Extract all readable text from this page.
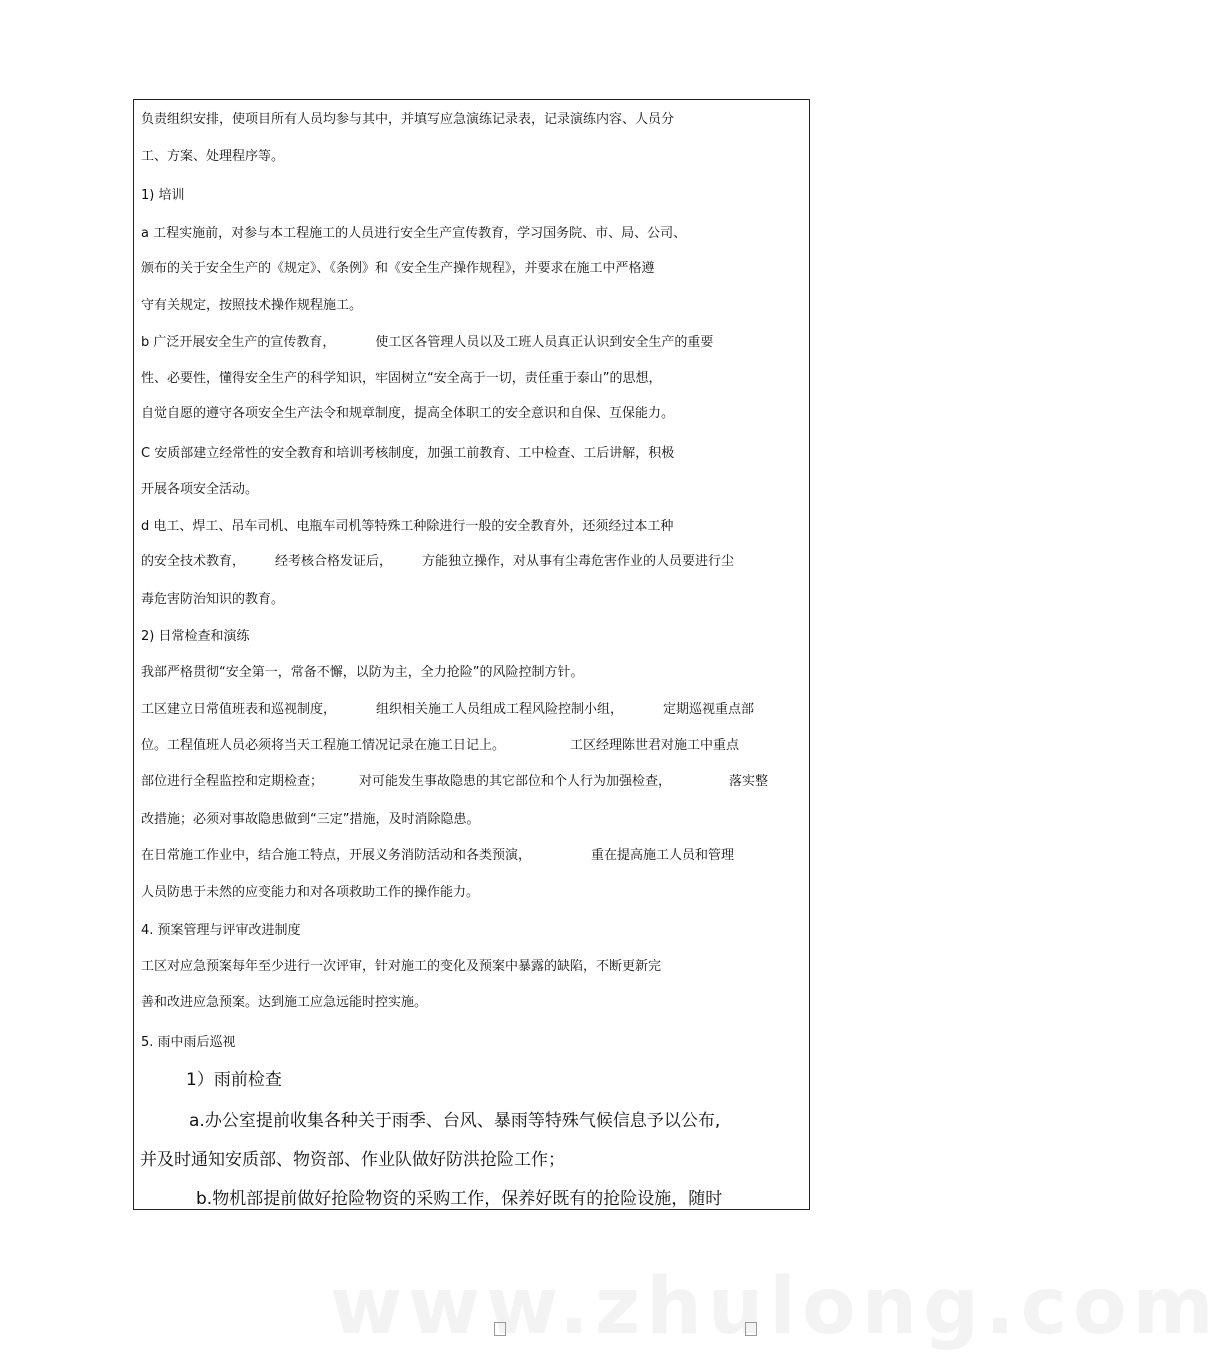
负责组织安排，使项目所有人员均参与其中，并填写应急演练记录表，记录演练内容、人员分
工、方案、处理程序等。
1) 培训
a 工程实施前，对参与本工程施工的人员进行安全生产宣传教育，学习国务院、市、局、公司、
颁布的关于安全生产的《规定》、《条例》和《安全生产操作规程》，并要求在施工中严格遵
守有关规定，按照技术操作规程施工。
b 广泛开展安全生产的宣传教育，	使工区各管理人员以及工班人员真正认识到安全生产的重要
性、必要性，懂得安全生产的科学知识，牢固树立“安全高于一切，责任重于泰山”的思想，
自觉自愿的遵守各项安全生产法令和规章制度，提高全体职工的安全意识和自保、互保能力。
C 安质部建立经常性的安全教育和培训考核制度，加强工前教育、工中检查、工后讲解，积极
开展各项安全活动。
d 电工、焊工、吊车司机、电瓶车司机等特殊工种除进行一般的安全教育外，还须经过本工种
的安全技术教育， 经考核合格发证后， 方能独立操作，对从事有尘毒危害作业的人员要进行尘
毒危害防治知识的教育。
2) 日常检查和演练
我部严格贯彻“安全第一，常备不懈，以防为主，全力抢险”的风险控制方针。
工区建立日常值班表和巡视制度，	组织相关施工人员组成工程风险控制小组，	定期巡视重点部
位。工程值班人员必须将当天工程施工情况记录在施工日记上。	工区经理陈世君对施工中重点
部位进行全程监控和定期检查；	对可能发生事故隐患的其它部位和个人行为加强检查，	落实整
改措施；必须对事故隐患做到“三定”措施，及时消除隐患。
在日常施工作业中，结合施工特点，开展义务消防活动和各类预演，	重在提高施工人员和管理
人员防患于未然的应变能力和对各项救助工作的操作能力。
4. 预案管理与评审改进制度
工区对应急预案每年至少进行一次评审，针对施工的变化及预案中暴露的缺陷，不断更新完
善和改进应急预案。达到施工应急远能时控实施。
5. 雨中雨后巡视
1）雨前检查
a.办公室提前收集各种关于雨季、台风、暴雨等特殊气候信息予以公布,
并及时通知安质部、物资部、作业队做好防洪抢险工作；
b.物机部提前做好抢险物资的采购工作，保养好既有的抢险设施，随时
www.zhulong.com
